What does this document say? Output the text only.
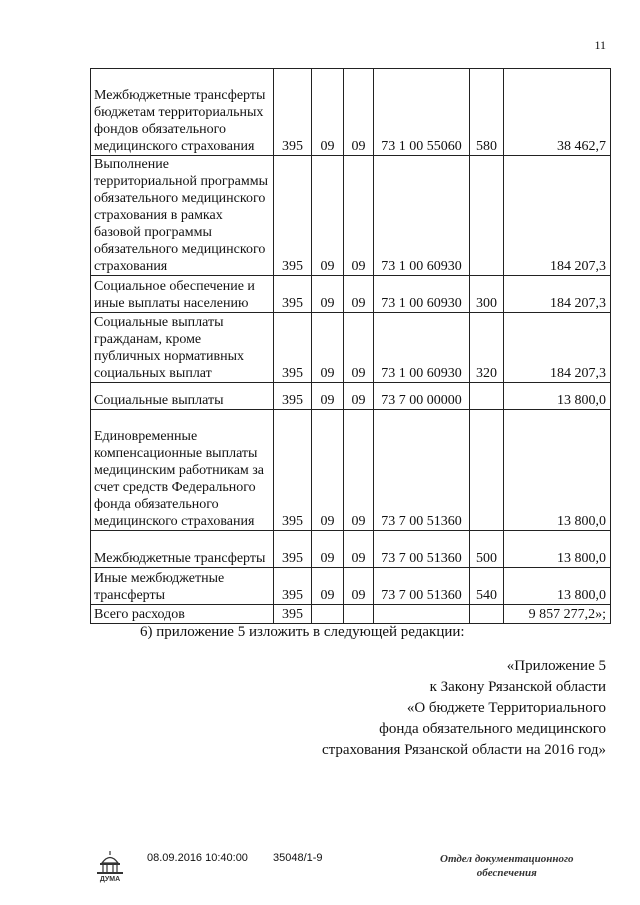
11
Межбюджетные трансферты бюджетам территориальных фондов обязательного медицинского страхования	395	09	09	73 1 00 55060	580	38 462,7
Выполнение территориальной программы обязательного медицинского страхования в рамках базовой программы обязательного медицинского страхования	395	09	09	73 1 00 60930		184 207,3
Социальное обеспечение и иные выплаты населению	395	09	09	73 1 00 60930	300	184 207,3
Социальные выплаты гражданам, кроме публичных нормативных социальных выплат	395	09	09	73 1 00 60930	320	184 207,3
Социальные выплаты	395	09	09	73 7 00 00000		13 800,0
Единовременные компенсационные выплаты медицинским работникам за счет средств Федерального фонда обязательного медицинского страхования	395	09	09	73 7 00 51360		13 800,0
Межбюджетные трансферты	395	09	09	73 7 00 51360	500	13 800,0
Иные межбюджетные трансферты	395	09	09	73 7 00 51360	540	13 800,0
Всего расходов	395					9 857 277,2»;
6) приложение 5 изложить в следующей редакции:
«Приложение 5
к Закону Рязанской области
«О бюджете Территориального
фонда обязательного медицинского
страхования Рязанской области на 2016 год»
ДУМА
08.09.2016 10:40:00 35048/1-9	Отдел документационного
обеспечения
